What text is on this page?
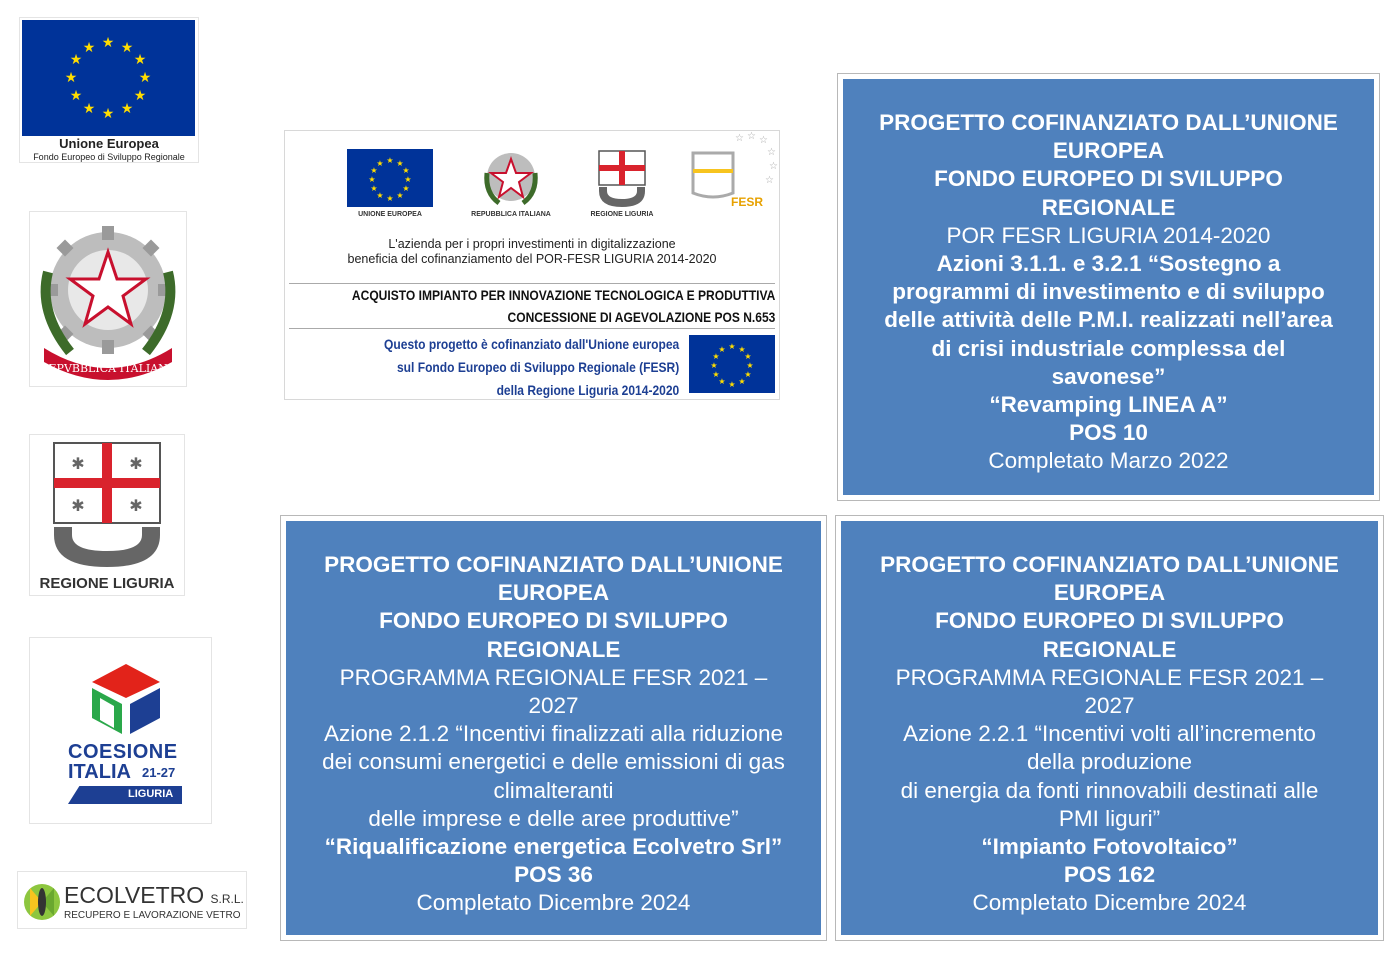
★ ★
★
★
★
★
★
★
★
★
★
★
Unione Europea
Fondo Europeo di Sviluppo Regionale
REPVBBLICA ITALIANA
✱	✱
✱	✱
REGIONE LIGURIA
COESIONE
ITALIA 21-27
LIGURIA
ECOLVETRO S.R.L.
RECUPERO E LAVORAZIONE VETRO
★ ★
★
★
★
★
★
★
★
★
★
★
UNIONE EUROPEA	REPUBBLICA ITALIANA	REGIONE LIGURIA
☆ ☆ ☆
☆
☆
☆
FESR
L'azienda per i propri investimenti in digitalizzazione
beneficia del cofinanziamento del POR-FESR LIGURIA 2014-2020
ACQUISTO IMPIANTO PER INNOVAZIONE TECNOLOGICA E PRODUTTIVA
CONCESSIONE DI AGEVOLAZIONE POS N.653
Questo progetto è cofinanziato dall'Unione europea
sul Fondo Europeo di Sviluppo Regionale (FESR)
della Regione Liguria 2014-2020
★ ★
★
★
★
★
★
★
★
★
★
★
PROGETTO COFINANZIATO DALL’UNIONE
EUROPEA
FONDO EUROPEO DI SVILUPPO
REGIONALE
POR FESR LIGURIA 2014-2020
Azioni 3.1.1. e 3.2.1 “Sostegno a
programmi di investimento e di sviluppo
delle attività delle P.M.I. realizzati nell’area
di crisi industriale complessa del
savonese”
“Revamping LINEA A”
POS 10
Completato Marzo 2022
PROGETTO COFINANZIATO DALL’UNIONE
EUROPEA
FONDO EUROPEO DI SVILUPPO
REGIONALE
PROGRAMMA REGIONALE FESR 2021 –
2027
Azione 2.1.2 “Incentivi finalizzati alla riduzione
dei consumi energetici e delle emissioni di gas
climalteranti
delle imprese e delle aree produttive”
“Riqualificazione energetica Ecolvetro Srl”
POS 36
Completato Dicembre 2024
PROGETTO COFINANZIATO DALL’UNIONE
EUROPEA
FONDO EUROPEO DI SVILUPPO
REGIONALE
PROGRAMMA REGIONALE FESR 2021 –
2027
Azione 2.2.1 “Incentivi volti all’incremento
della produzione
di energia da fonti rinnovabili destinati alle
PMI liguri”
“Impianto Fotovoltaico”
POS 162
Completato Dicembre 2024
